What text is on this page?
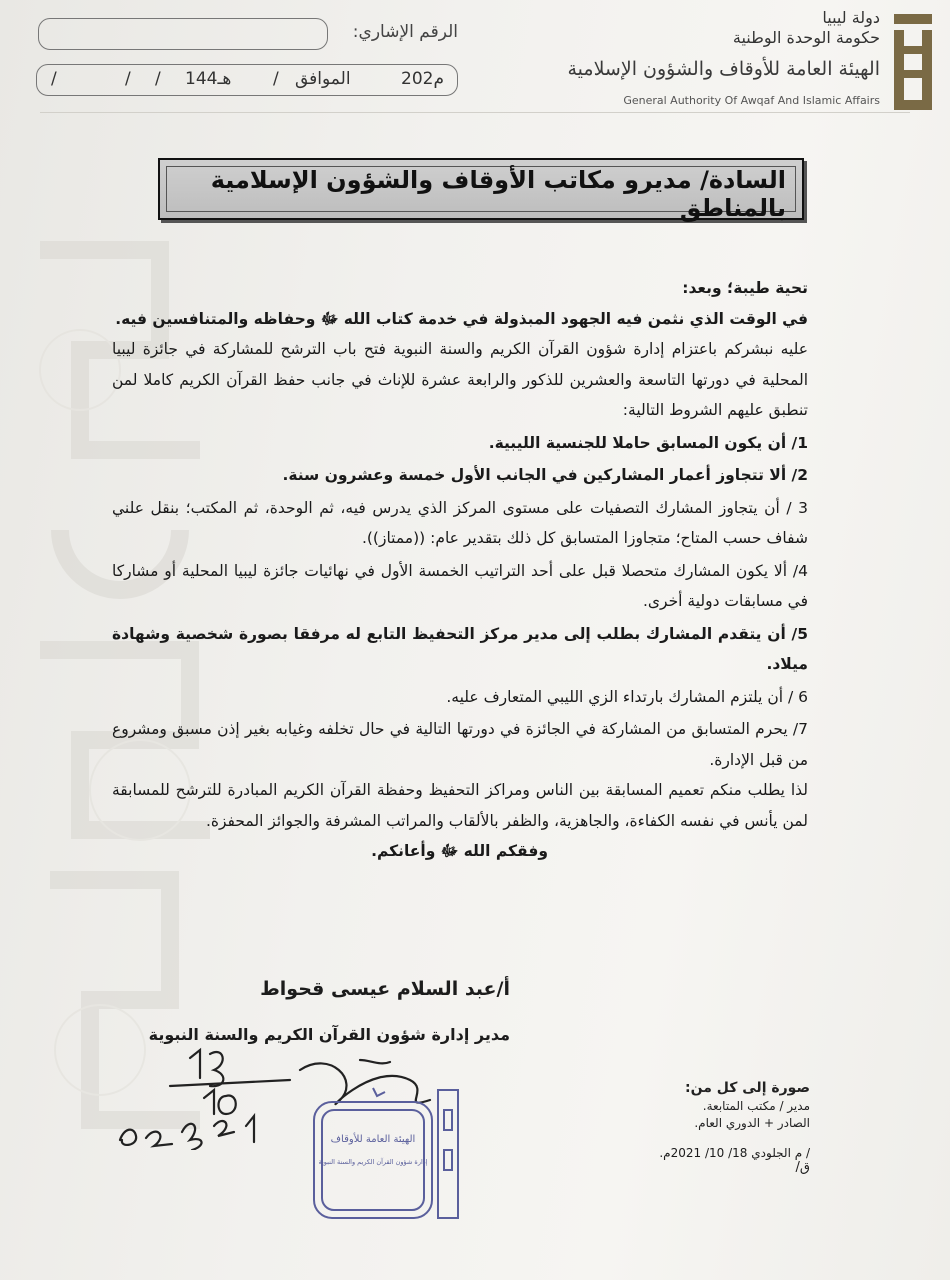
الرقم الإشاري:
/	/ 144هـ	الموافق
/	/	202م
دولة ليبيا
حكومة الوحدة الوطنية
الهيئة العامة للأوقاف والشؤون الإسلامية
General Authority Of Awqaf And Islamic Affairs
السادة/ مديرو مكاتب الأوقاف والشؤون الإسلامية بالمناطق

تحية طيبة؛ وبعد:

في الوقت الذي نثمن فيه الجهود المبذولة في خدمة كتاب الله ﷻ وحفاظه والمتنافسين فيه.

عليه نبشركم باعتزام إدارة شؤون القرآن الكريم والسنة النبوية فتح باب الترشح للمشاركة في جائزة ليبيا المحلية في دورتها التاسعة والعشرين للذكور والرابعة عشرة للإناث في جانب حفظ القرآن الكريم كاملا لمن تنطبق عليهم الشروط التالية:

1/ أن يكون المسابق حاملا للجنسية الليبية.

2/ ألا تتجاوز أعمار المشاركين في الجانب الأول خمسة وعشرون سنة.

3 / أن يتجاوز المشارك التصفيات على مستوى المركز الذي يدرس فيه، ثم الوحدة، ثم المكتب؛ بنقل علني شفاف حسب المتاح؛ متجاوزا المتسابق كل ذلك بتقدير عام: ((ممتاز)).

4/ ألا يكون المشارك متحصلا قبل على أحد التراتيب الخمسة الأول في نهائيات جائزة ليبيا المحلية أو مشاركا في مسابقات دولية أخرى.

5/ أن يتقدم المشارك بطلب إلى مدير مركز التحفيظ التابع له مرفقا بصورة شخصية وشهادة ميلاد.

6 / أن يلتزم المشارك بارتداء الزي الليبي المتعارف عليه.

7/ يحرم المتسابق من المشاركة في الجائزة في دورتها التالية في حال تخلفه وغيابه بغير إذن مسبق ومشروع من قبل الإدارة.

لذا يطلب منكم تعميم المسابقة بين الناس ومراكز التحفيظ وحفظة القرآن الكريم المبادرة للترشح للمسابقة لمن يأنس في نفسه الكفاءة، والجاهزية، والظفر بالألقاب والمراتب المشرفة والجوائز المحفزة.

وفقكم الله ﷻ وأعانكم.

أ/عبد السلام عيسى قحواط
مدير إدارة شؤون القرآن الكريم والسنة النبوية
الهيئة العامة للأوقاف
إدارة شؤون القرآن الكريم والسنة النبوية
صورة إلى كل من:
مدير / مكتب المتابعة.
الصادر + الدوري العام.
/ م الجلودي 18/ 10/ 2021م.
ق/
